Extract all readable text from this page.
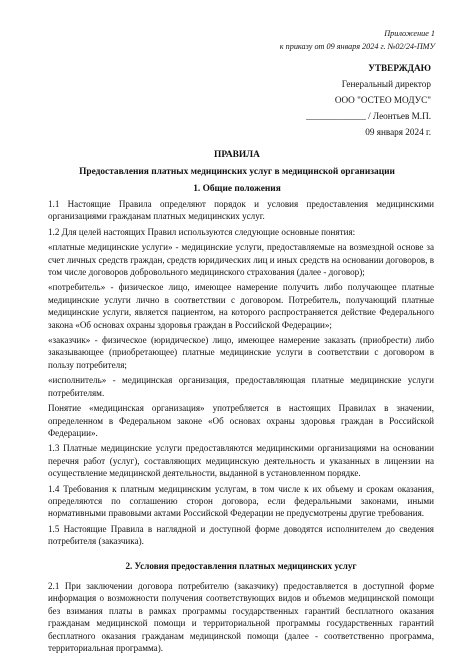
Приложение 1
к приказу от 09 января 2024 г. №02/24-ПМУ
УТВЕРЖДАЮ
Генеральный директор
ООО "ОСТЕО МОДУС"
_____________ / Леонтьев М.П.
09 января 2024 г.
ПРАВИЛА
Предоставления платных медицинских услуг в медицинской организации
1. Общие положения

1.1 Настоящие Правила определяют порядок и условия предоставления медицинскими организациями гражданам платных медицинских услуг.

1.2 Для целей настоящих Правил используются следующие основные понятия:

«платные медицинские услуги» - медицинские услуги, предоставляемые на возмездной основе за счет личных средств граждан, средств юридических лиц и иных средств на основании договоров, в том числе договоров добровольного медицинского страхования (далее - договор);

«потребитель» - физическое лицо, имеющее намерение получить либо получающее платные медицинские услуги лично в соответствии с договором. Потребитель, получающий платные медицинские услуги, является пациентом, на которого распространяется действие Федерального закона «Об основах охраны здоровья граждан в Российской Федерации»;

«заказчик» - физическое (юридическое) лицо, имеющее намерение заказать (приобрести) либо заказывающее (приобретающее) платные медицинские услуги в соответствии с договором в пользу потребителя;

«исполнитель» - медицинская организация, предоставляющая платные медицинские услуги потребителям.

Понятие «медицинская организация» употребляется в настоящих Правилах в значении, определенном в Федеральном законе «Об основах охраны здоровья граждан в Российской Федерации».

1.3 Платные медицинские услуги предоставляются медицинскими организациями на основании перечня работ (услуг), составляющих медицинскую деятельность и указанных в лицензии на осуществление медицинской деятельности, выданной в установленном порядке.

1.4 Требования к платным медицинским услугам, в том числе к их объему и срокам оказания, определяются по соглашению сторон договора, если федеральными законами, иными нормативными правовыми актами Российской Федерации не предусмотрены другие требования.

1.5 Настоящие Правила в наглядной и доступной форме доводятся исполнителем до сведения потребителя (заказчика).

2. Условия предоставления платных медицинских услуг

2.1 При заключении договора потребителю (заказчику) предоставляется в доступной форме информация о возможности получения соответствующих видов и объемов медицинской помощи без взимания платы в рамках программы государственных гарантий бесплатного оказания гражданам медицинской помощи и территориальной программы государственных гарантий бесплатного оказания гражданам медицинской помощи (далее - соответственно программа, территориальная программа).
